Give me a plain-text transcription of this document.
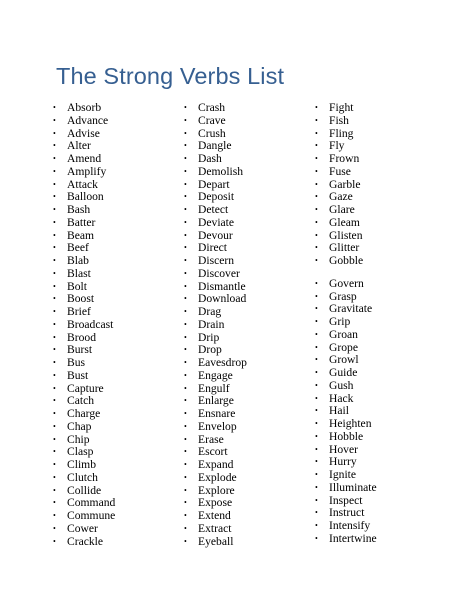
The Strong Verbs List
• Absorb
• Advance
• Advise
• Alter
• Amend
• Amplify
• Attack
• Balloon
• Bash
• Batter
• Beam
• Beef
• Blab
• Blast
• Bolt
• Boost
• Brief
• Broadcast
• Brood
• Burst
• Bus
• Bust
• Capture
• Catch
• Charge
• Chap
• Chip
• Clasp
• Climb
• Clutch
• Collide
• Command
• Commune
• Cower
• Crackle
• Crash
• Crave
• Crush
• Dangle
• Dash
• Demolish
• Depart
• Deposit
• Detect
• Deviate
• Devour
• Direct
• Discern
• Discover
• Dismantle
• Download
• Drag
• Drain
• Drip
• Drop
• Eavesdrop
• Engage
• Engulf
• Enlarge
• Ensnare
• Envelop
• Erase
• Escort
• Expand
• Explode
• Explore
• Expose
• Extend
• Extract
• Eyeball
• Fight
• Fish
• Fling
• Fly
• Frown
• Fuse
• Garble
• Gaze
• Glare
• Gleam
• Glisten
• Glitter
• Gobble
• Govern
• Grasp
• Gravitate
• Grip
• Groan
• Grope
• Growl
• Guide
• Gush
• Hack
• Hail
• Heighten
• Hobble
• Hover
• Hurry
• Ignite
• Illuminate
• Inspect
• Instruct
• Intensify
• Intertwine
